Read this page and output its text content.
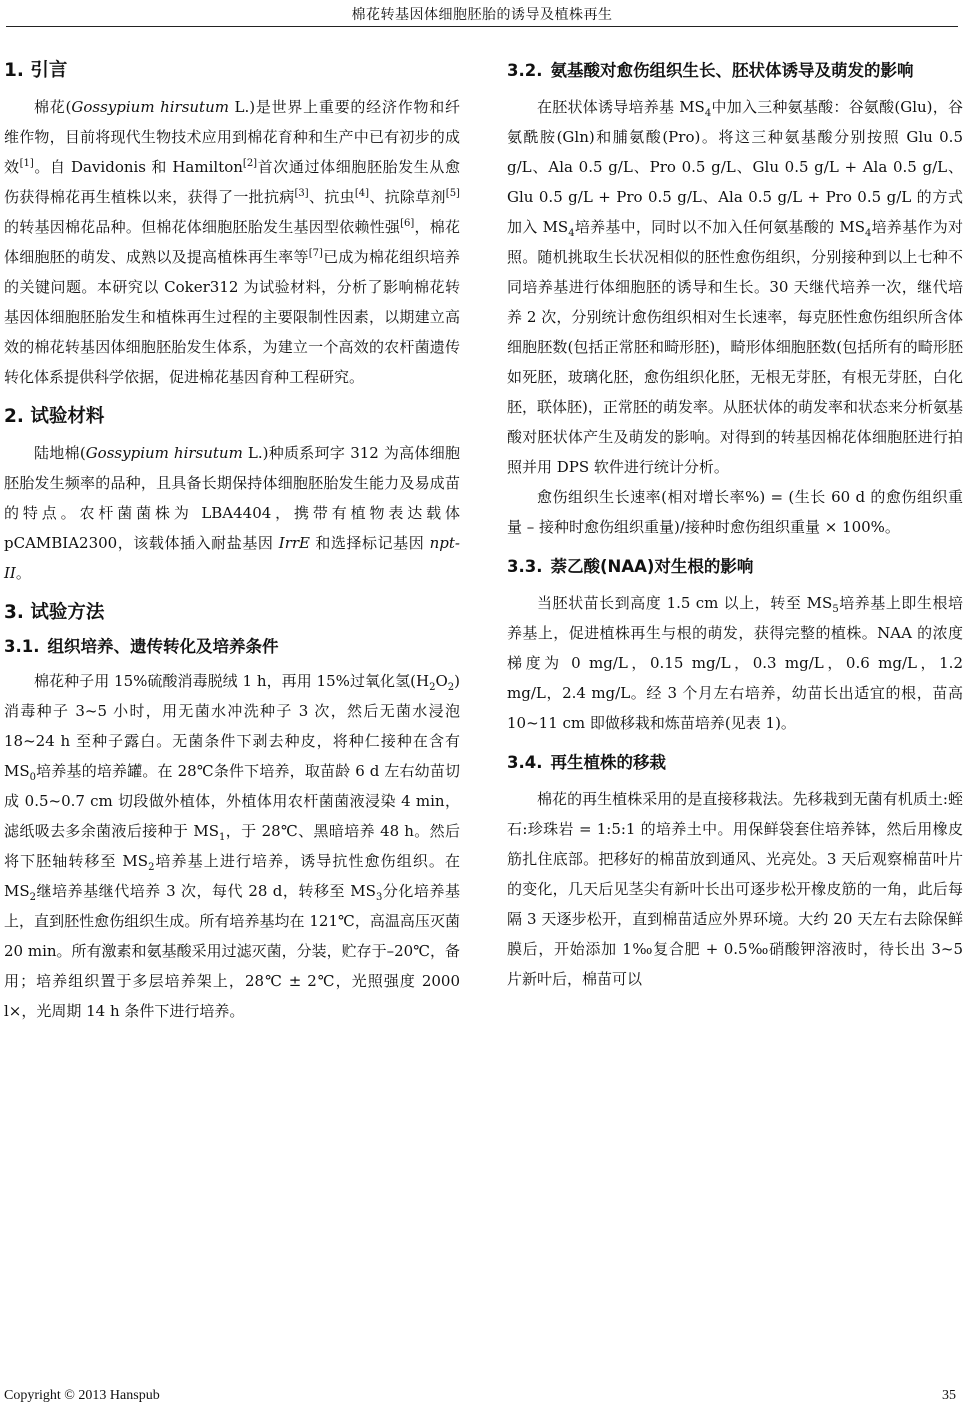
棉花转基因体细胞胚胎的诱导及植株再生
1. 引言

棉花(Gossypium hirsutum L.)是世界上重要的经济作物和纤维作物，目前将现代生物技术应用到棉花育种和生产中已有初步的成效[1]。自 Davidonis 和 Hamilton[2]首次通过体细胞胚胎发生从愈伤获得棉花再生植株以来，获得了一批抗病[3]、抗虫[4]、抗除草剂[5]的转基因棉花品种。但棉花体细胞胚胎发生基因型依赖性强[6]，棉花体细胞胚的萌发、成熟以及提高植株再生率等[7]已成为棉花组织培养的关键问题。本研究以 Coker312 为试验材料，分析了影响棉花转基因体细胞胚胎发生和植株再生过程的主要限制性因素，以期建立高效的棉花转基因体细胞胚胎发生体系，为建立一个高效的农杆菌遗传转化体系提供科学依据，促进棉花基因育种工程研究。

2. 试验材料

陆地棉(Gossypium hirsutum L.)种质系珂字 312 为高体细胞胚胎发生频率的品种，且具备长期保持体细胞胚胎发生能力及易成苗的特点。农杆菌菌株为 LBA4404，携带有植物表达载体 pCAMBIA2300，该载体插入耐盐基因 IrrE 和选择标记基因 npt-II。

3. 试验方法
3.1. 组织培养、遗传转化及培养条件

棉花种子用 15%硫酸消毒脱绒 1 h，再用 15%过氧化氢$(H_2O_2)$消毒种子 3~5 小时，用无菌水冲洗种子 3 次，然后无菌水浸泡 18~24 h 至种子露白。无菌条件下剥去种皮，将种仁接种在含有 $MS_0$培养基的培养罐。在 28℃条件下培养，取苗龄 6 d 左右幼苗切成 0.5~0.7 cm 切段做外植体，外植体用农杆菌菌液浸染 4 min，滤纸吸去多余菌液后接种于 $MS_1$，于 28℃、黑暗培养 48 h。然后将下胚轴转移至 $MS_2$培养基上进行培养，诱导抗性愈伤组织。在 $MS_2$继培养基继代培养 3 次，每代 28 d，转移至 $MS_3$分化培养基上，直到胚性愈伤组织生成。所有培养基均在 121℃，高温高压灭菌 20 min。所有激素和氨基酸采用过滤灭菌，分装，贮存于–20℃，备用；培养组织置于多层培养架上，28℃ ± 2℃，光照强度 2000 l×，光周期 14 h 条件下进行培养。

3.2. 氨基酸对愈伤组织生长、胚状体诱导及萌发的影响

在胚状体诱导培养基 $MS_4$中加入三种氨基酸：谷氨酸(Glu)，谷氨酰胺(Gln)和脯氨酸(Pro)。将这三种氨基酸分别按照 Glu 0.5 g/L、Ala 0.5 g/L、Pro 0.5 g/L、Glu 0.5 g/L + Ala 0.5 g/L、Glu 0.5 g/L + Pro 0.5 g/L、Ala 0.5 g/L + Pro 0.5 g/L 的方式加入 $MS_4$培养基中，同时以不加入任何氨基酸的 $MS_4$培养基作为对照。随机挑取生长状况相似的胚性愈伤组织，分别接种到以上七种不同培养基进行体细胞胚的诱导和生长。30 天继代培养一次，继代培养 2 次，分别统计愈伤组织相对生长速率，每克胚性愈伤组织所含体细胞胚数(包括正常胚和畸形胚)，畸形体细胞胚数(包括所有的畸形胚如死胚，玻璃化胚，愈伤组织化胚，无根无芽胚，有根无芽胚，白化胚，联体胚)，正常胚的萌发率。从胚状体的萌发率和状态来分析氨基酸对胚状体产生及萌发的影响。对得到的转基因棉花体细胞胚进行拍照并用 DPS 软件进行统计分析。

愈伤组织生长速率(相对增长率%) = (生长 60 d 的愈伤组织重量 – 接种时愈伤组织重量)/接种时愈伤组织重量 × 100%。

3.3. 萘乙酸(NAA)对生根的影响

当胚状苗长到高度 1.5 cm 以上，转至 $MS_5$培养基上即生根培养基上，促进植株再生与根的萌发，获得完整的植株。NAA 的浓度梯度为 0 mg/L，0.15 mg/L，0.3 mg/L，0.6 mg/L，1.2 mg/L，2.4 mg/L。经 3 个月左右培养，幼苗长出适宜的根，苗高 10~11 cm 即做移栽和炼苗培养(见表 1)。

3.4. 再生植株的移栽

棉花的再生植株采用的是直接移栽法。先移栽到无菌有机质土:蛭石:珍珠岩 = 1:5:1 的培养土中。用保鲜袋套住培养钵，然后用橡皮筋扎住底部。把移好的棉苗放到通风、光亮处。3 天后观察棉苗叶片的变化，几天后见茎尖有新叶长出可逐步松开橡皮筋的一角，此后每隔 3 天逐步松开，直到棉苗适应外界环境。大约 20 天左右去除保鲜膜后，开始添加 1‰复合肥 + 0.5‰硝酸钾溶液时，待长出 3~5 片新叶后，棉苗可以

Copyright © 2013 Hanspub	35
